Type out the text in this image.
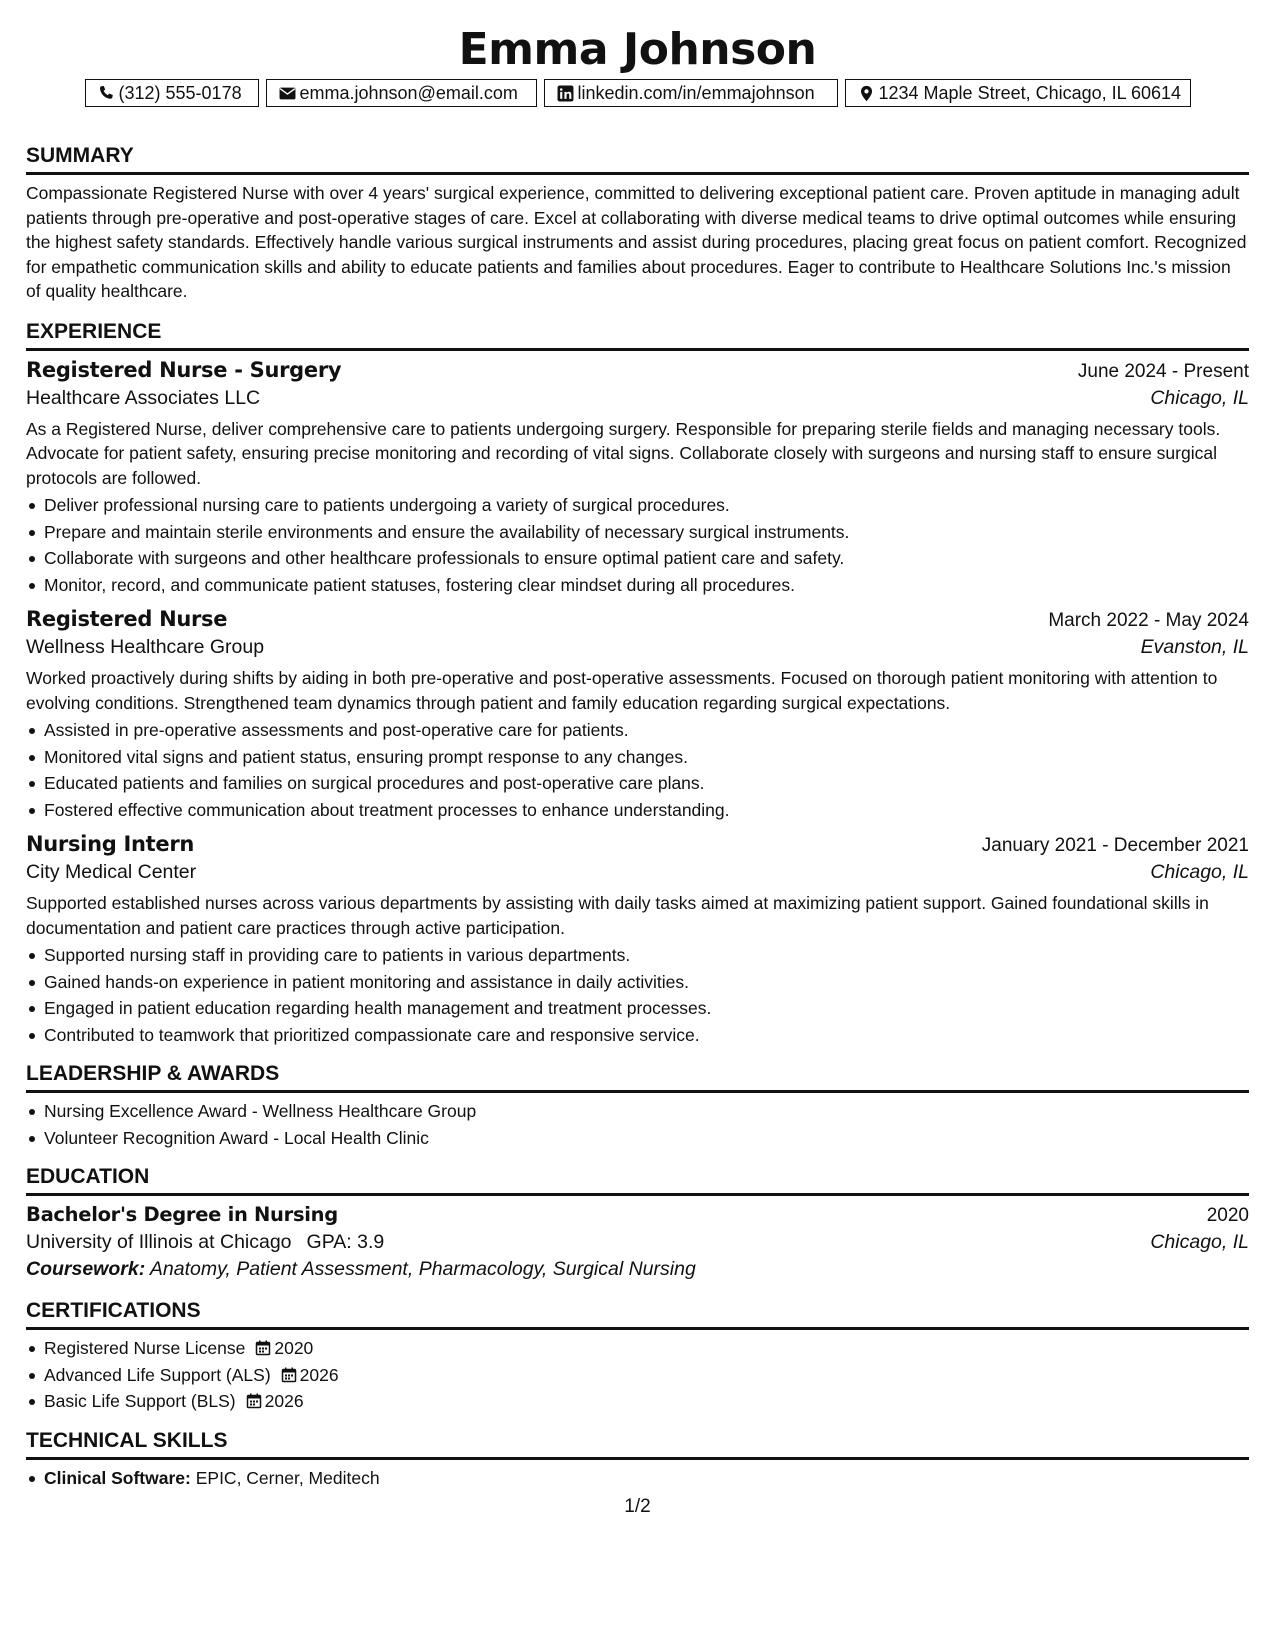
Emma Johnson
(312) 555-0178	emma.johnson@email.com	linkedin.com/in/emmajohnson	1234 Maple Street, Chicago, IL 60614
SUMMARY

Compassionate Registered Nurse with over 4 years' surgical experience, committed to delivering exceptional patient care. Proven aptitude in managing adult patients through pre-operative and post-operative stages of care. Excel at collaborating with diverse medical teams to drive optimal outcomes while ensuring the highest safety standards. Effectively handle various surgical instruments and assist during procedures, placing great focus on patient comfort. Recognized for empathetic communication skills and ability to educate patients and families about procedures. Eager to contribute to Healthcare Solutions Inc.'s mission of quality healthcare.

EXPERIENCE
Registered Nurse - Surgery	June 2024 - Present
Healthcare Associates LLC	Chicago, IL

As a Registered Nurse, deliver comprehensive care to patients undergoing surgery. Responsible for preparing sterile fields and managing necessary tools. Advocate for patient safety, ensuring precise monitoring and recording of vital signs. Collaborate closely with surgeons and nursing staff to ensure surgical protocols are followed.

Deliver professional nursing care to patients undergoing a variety of surgical procedures.
Prepare and maintain sterile environments and ensure the availability of necessary surgical instruments.
Collaborate with surgeons and other healthcare professionals to ensure optimal patient care and safety.
Monitor, record, and communicate patient statuses, fostering clear mindset during all procedures.
Registered Nurse	March 2022 - May 2024
Wellness Healthcare Group	Evanston, IL

Worked proactively during shifts by aiding in both pre-operative and post-operative assessments. Focused on thorough patient monitoring with attention to evolving conditions. Strengthened team dynamics through patient and family education regarding surgical expectations.

Assisted in pre-operative assessments and post-operative care for patients.
Monitored vital signs and patient status, ensuring prompt response to any changes.
Educated patients and families on surgical procedures and post-operative care plans.
Fostered effective communication about treatment processes to enhance understanding.
Nursing Intern	January 2021 - December 2021
City Medical Center	Chicago, IL

Supported established nurses across various departments by assisting with daily tasks aimed at maximizing patient support. Gained foundational skills in documentation and patient care practices through active participation.

Supported nursing staff in providing care to patients in various departments.
Gained hands-on experience in patient monitoring and assistance in daily activities.
Engaged in patient education regarding health management and treatment processes.
Contributed to teamwork that prioritized compassionate care and responsive service.
LEADERSHIP & AWARDS
Nursing Excellence Award - Wellness Healthcare Group
Volunteer Recognition Award - Local Health Clinic
EDUCATION
Bachelor's Degree in Nursing	2020
University of Illinois at Chicago GPA: 3.9	Chicago, IL
Coursework: Anatomy, Patient Assessment, Pharmacology, Surgical Nursing
CERTIFICATIONS
Registered Nurse License 2020
Advanced Life Support (ALS) 2026
Basic Life Support (BLS) 2026
TECHNICAL SKILLS
Clinical Software: EPIC, Cerner, Meditech
1/2
